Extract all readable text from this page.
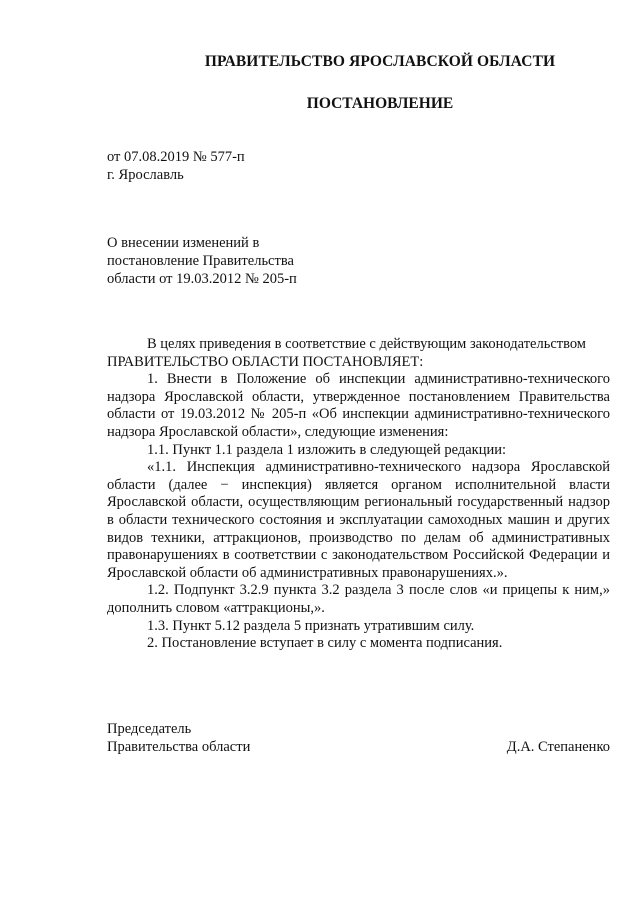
ПРАВИТЕЛЬСТВО ЯРОСЛАВСКОЙ ОБЛАСТИ
ПОСТАНОВЛЕНИЕ
от 07.08.2019 № 577-п
г. Ярославль
О внесении изменений в
постановление Правительства
области от 19.03.2012 № 205-п

В целях приведения в соответствие с действующим законодательством

ПРАВИТЕЛЬСТВО ОБЛАСТИ ПОСТАНОВЛЯЕТ:

1. Внести в Положение об инспекции административно-технического надзора Ярославской области, утвержденное постановлением Правительства области от 19.03.2012 № 205-п «Об инспекции административно-технического надзора Ярославской области», следующие изменения:

1.1. Пункт 1.1 раздела 1 изложить в следующей редакции:

«1.1. Инспекция административно-технического надзора Ярославской области (далее − инспекция) является органом исполнительной власти Ярославской области, осуществляющим региональный государственный надзор в области технического состояния и эксплуатации самоходных машин и других видов техники, аттракционов, производство по делам об административных правонарушениях в соответствии с законодательством Российской Федерации и Ярославской области об административных правонарушениях.».

1.2. Подпункт 3.2.9 пункта 3.2 раздела 3 после слов «и прицепы к ним,» дополнить словом «аттракционы,».

1.3. Пункт 5.12 раздела 5 признать утратившим силу.

2. Постановление вступает в силу с момента подписания.

Председатель
Правительства области	Д.А. Степаненко
